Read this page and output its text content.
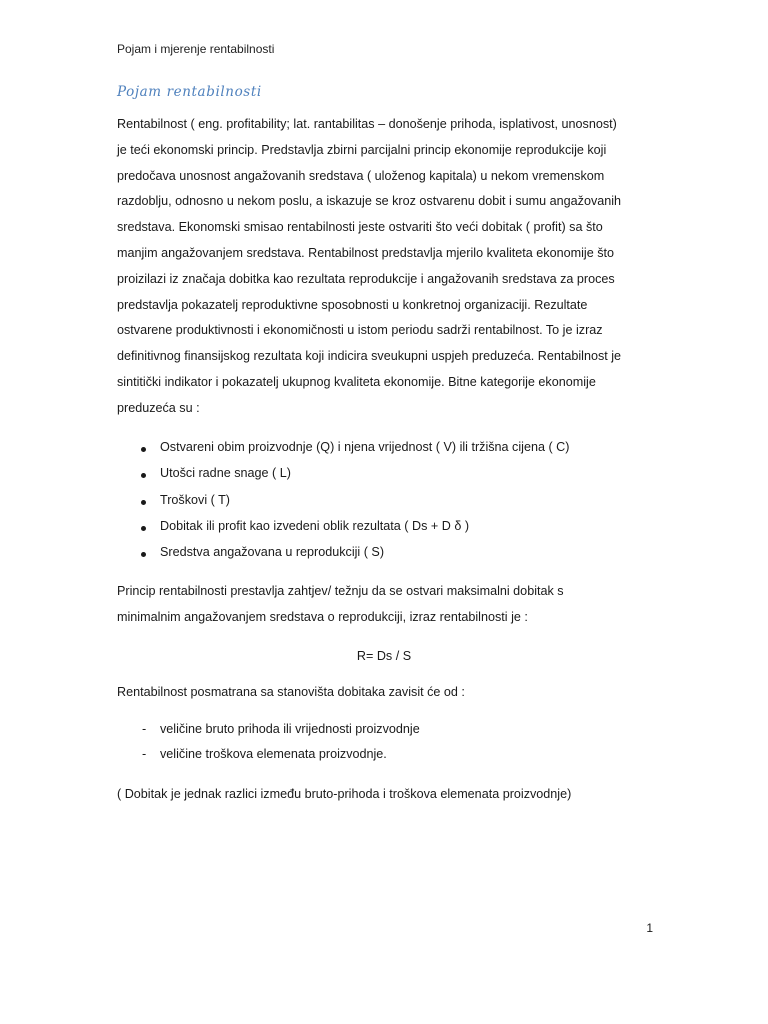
Pojam i mjerenje rentabilnosti
Pojam rentabilnosti
Rentabilnost ( eng. profitability; lat. rantabilitas – donošenje prihoda, isplativost, unosnost)
je teći ekonomski princip. Predstavlja zbirni parcijalni princip ekonomije reprodukcije koji
predočava unosnost angažovanih sredstava ( uloženog kapitala) u nekom vremenskom
razdoblju, odnosno u nekom poslu, a iskazuje se kroz ostvarenu dobit i sumu angažovanih
sredstava. Ekonomski smisao rentabilnosti jeste ostvariti što veći dobitak ( profit) sa što
manjim angažovanjem sredstava. Rentabilnost predstavlja mjerilo kvaliteta ekonomije što
proizilazi iz značaja dobitka kao rezultata reprodukcije i angažovanih sredstava za proces
predstavlja pokazatelj reproduktivne sposobnosti u konkretnoj organizaciji. Rezultate
ostvarene produktivnosti i ekonomičnosti u istom periodu sadrži rentabilnost. To je izraz
definitivnog finansijskog rezultata koji indicira sveukupni uspjeh preduzeća. Rentabilnost je
sintitički indikator i pokazatelj ukupnog kvaliteta ekonomije. Bitne kategorije ekonomije
preduzeća su :
Ostvareni obim proizvodnje (Q) i njena vrijednost ( V) ili tržišna cijena ( C)
Utošci radne snage ( L)
Troškovi ( T)
Dobitak ili profit kao izvedeni oblik rezultata ( Ds + D δ )
Sredstva angažovana u reprodukciji ( S)
Princip rentabilnosti prestavlja zahtjev/ težnju da se ostvari maksimalni dobitak s
minimalnim angažovanjem sredstava o reprodukciji, izraz rentabilnosti je :
R= Ds / S
Rentabilnost posmatrana sa stanovišta dobitaka zavisit će od :
- veličine bruto prihoda ili vrijednosti proizvodnje
- veličine troškova elemenata proizvodnje.
( Dobitak je jednak razlici između bruto-prihoda i troškova elemenata proizvodnje)
1
